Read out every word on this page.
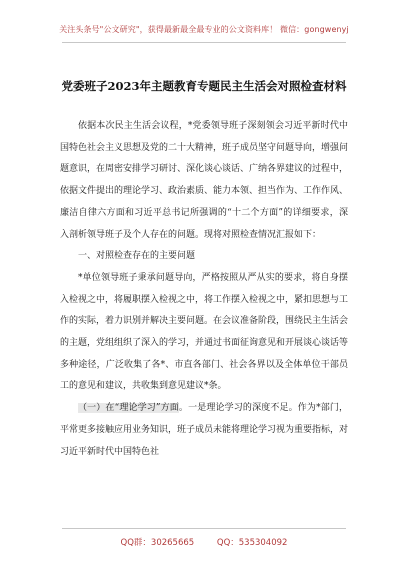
关注头条号"公文研究"，获得最新最全最专业的公文资料库！ 微信：gongwenyj
党委班子2023年主题教育专题民主生活会对照检查材料
依据本次民主生活会议程，*党委领导班子深刻领会习近平新时代中国特色社会主义思想及党的二十大精神，班子成员坚守问题导向，增强问题意识，在周密安排学习研讨、深化谈心谈话、广纳各界建议的过程中，依据文件提出的理论学习、政治素质、能力本领、担当作为、工作作风、廉洁自律六方面和习近平总书记所强调的“十二个方面”的详细要求，深入剖析领导班子及个人存在的问题。现将对照检查情况汇报如下：
一、对照检查存在的主要问题
*单位领导班子秉承问题导向，严格按照从严从实的要求，将自身摆入检视之中，将履职摆入检视之中，将工作摆入检视之中，紧扣思想与工作的实际，着力识别并解决主要问题。在会议准备阶段，围绕民主生活会的主题，党组组织了深入的学习，并通过书面征询意见和开展谈心谈话等多种途径，广泛收集了各*、市直各部门、社会各界以及全体单位干部员工的意见和建议，共收集到意见建议*条。
（一）在“理论学习”方面。一是理论学习的深度不足。作为*部门，平常更多接触应用业务知识，班子成员未能将理论学习视为重要指标，对习近平新时代中国特色社
QQ群：30265665	QQ：535304092
